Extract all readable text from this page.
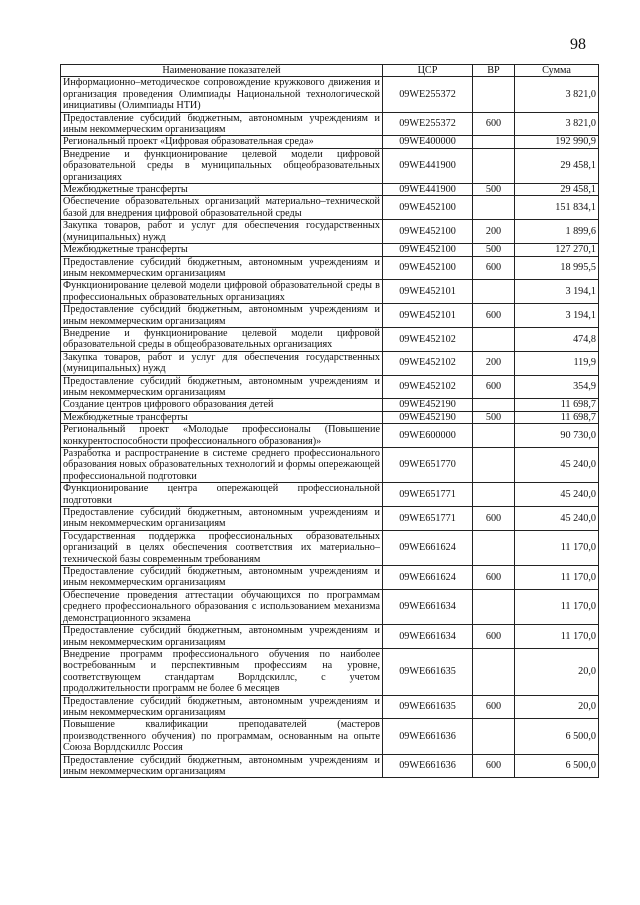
98
Наименование показателей	ЦСР	ВР	Сумма
Информационно–методическое сопровождение кружкового движения и организация проведения Олимпиады Национальной технологической инициативы (Олимпиады НТИ)	09WE255372		3 821,0
Предоставление субсидий бюджетным, автономным учреждениям и иным некоммерческим организациям	09WE255372	600	3 821,0
Региональный проект «Цифровая образовательная среда»	09WE400000		192 990,9
Внедрение и функционирование целевой модели цифровой образовательной среды в муниципальных общеобразовательных организациях	09WE441900		29 458,1
Межбюджетные трансферты	09WE441900	500	29 458,1
Обеспечение образовательных организаций материально–технической базой для внедрения цифровой образовательной среды	09WE452100		151 834,1
Закупка товаров, работ и услуг для обеспечения государственных (муниципальных) нужд	09WE452100	200	1 899,6
Межбюджетные трансферты	09WE452100	500	127 270,1
Предоставление субсидий бюджетным, автономным учреждениям и иным некоммерческим организациям	09WE452100	600	18 995,5
Функционирование целевой модели цифровой образовательной среды в профессиональных образовательных организациях	09WE452101		3 194,1
Предоставление субсидий бюджетным, автономным учреждениям и иным некоммерческим организациям	09WE452101	600	3 194,1
Внедрение и функционирование целевой модели цифровой образовательной среды в общеобразовательных организациях	09WE452102		474,8
Закупка товаров, работ и услуг для обеспечения государственных (муниципальных) нужд	09WE452102	200	119,9
Предоставление субсидий бюджетным, автономным учреждениям и иным некоммерческим организациям	09WE452102	600	354,9
Создание центров цифрового образования детей	09WE452190		11 698,7
Межбюджетные трансферты	09WE452190	500	11 698,7
Региональный проект «Молодые профессионалы (Повышение конкурентоспособности профессионального образования)»	09WE600000		90 730,0
Разработка и распространение в системе среднего профессионального образования новых образовательных технологий и формы опережающей профессиональной подготовки	09WE651770		45 240,0
Функционирование центра опережающей профессиональной подготовки	09WE651771		45 240,0
Предоставление субсидий бюджетным, автономным учреждениям и иным некоммерческим организациям	09WE651771	600	45 240,0
Государственная поддержка профессиональных образовательных организаций в целях обеспечения соответствия их материально–технической базы современным требованиям	09WE661624		11 170,0
Предоставление субсидий бюджетным, автономным учреждениям и иным некоммерческим организациям	09WE661624	600	11 170,0
Обеспечение проведения аттестации обучающихся по программам среднего профессионального образования с использованием механизма демонстрационного экзамена	09WE661634		11 170,0
Предоставление субсидий бюджетным, автономным учреждениям и иным некоммерческим организациям	09WE661634	600	11 170,0
Внедрение программ профессионального обучения по наиболее востребованным и перспективным профессиям на уровне, соответствующем стандартам Ворлдскиллс, с учетом продолжительности программ не более 6 месяцев	09WE661635		20,0
Предоставление субсидий бюджетным, автономным учреждениям и иным некоммерческим организациям	09WE661635	600	20,0
Повышение квалификации преподавателей (мастеров производственного обучения) по программам, основанным на опыте Союза Ворлдскиллс Россия	09WE661636		6 500,0
Предоставление субсидий бюджетным, автономным учреждениям и иным некоммерческим организациям	09WE661636	600	6 500,0
